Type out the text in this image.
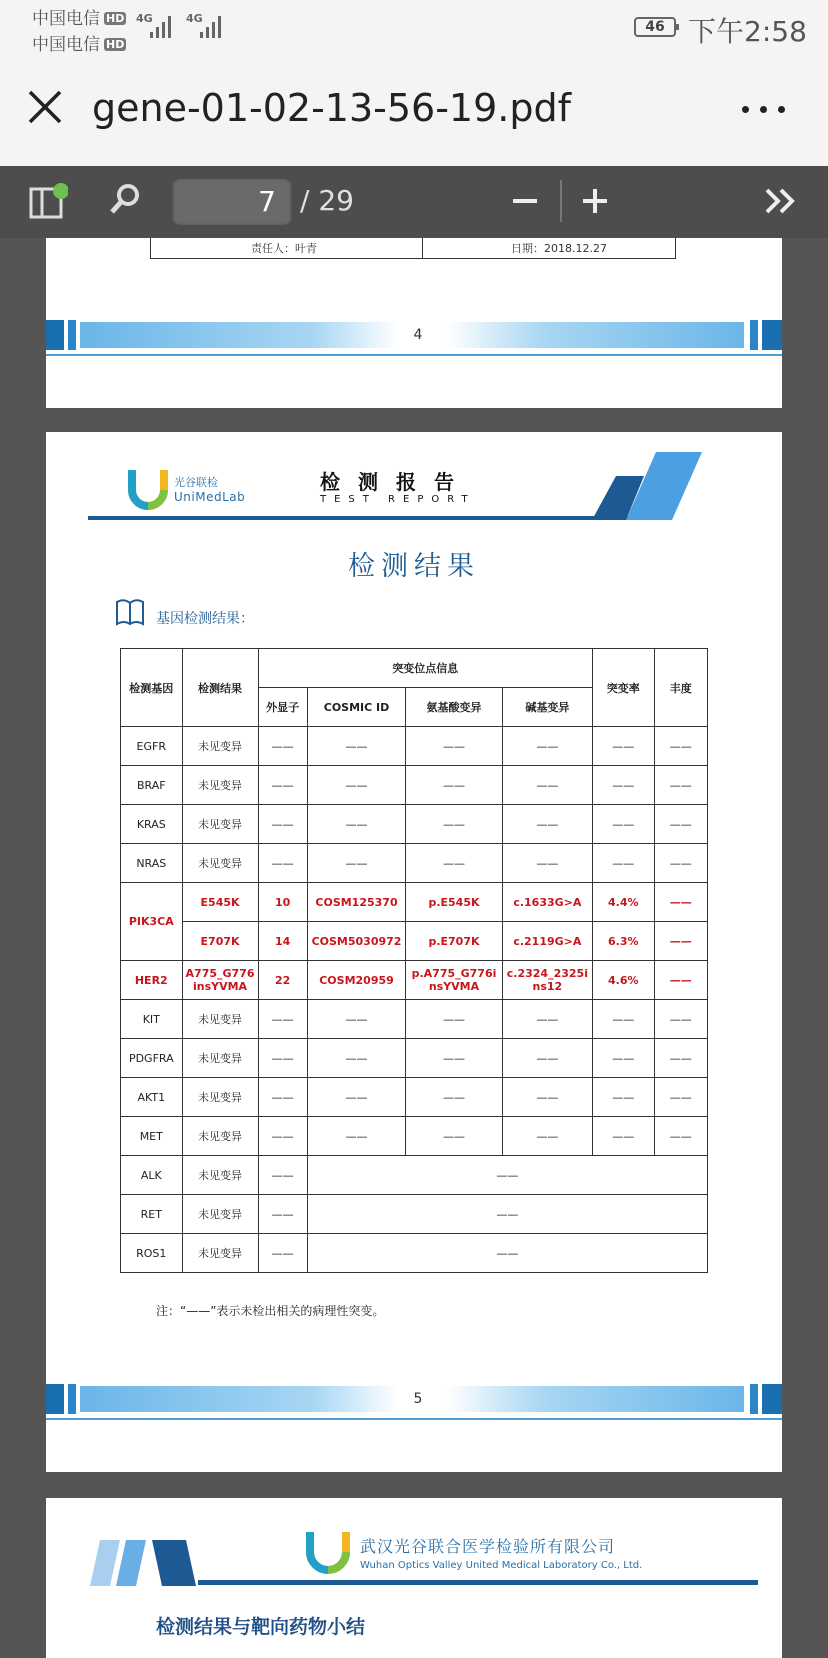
中国电信 HD
中国电信 HD
4G	4G
46 下午2:58
gene-01-02-13-56-19.pdf
7 / 29
责任人：叶青	日期：2018.12.27
4
光谷联检
UniMedLab
检测报告
TEST REPORT
检测结果
基因检测结果：
检测基因	检测结果	突变位点信息				突变率	丰度
		外显子	COSMIC ID	氨基酸变异	碱基变异		
EGFR	未见变异	——	——	——	——	——	——
BRAF	未见变异	——	——	——	——	——	——
KRAS	未见变异	——	——	——	——	——	——
NRAS	未见变异	——	——	——	——	——	——
PIK3CA	E545K	10	COSM125370	p.E545K	c.1633G>A	4.4%	——
	E707K	14	COSM5030972	p.E707K	c.2119G>A	6.3%	——
HER2	A775_G776 insYVMA	22	COSM20959	p.A775_G776i nsYVMA	c.2324_2325i ns12	4.6%	——
KIT	未见变异	——	——	——	——	——	——
PDGFRA	未见变异	——	——	——	——	——	——
AKT1	未见变异	——	——	——	——	——	——
MET	未见变异	——	——	——	——	——	——
ALK	未见变异	——	——				
RET	未见变异	——	——				
ROS1	未见变异	——	——				
注：“——”表示未检出相关的病理性突变。
5
武汉光谷联合医学检验所有限公司
Wuhan Optics Valley United Medical Laboratory Co., Ltd.
检测结果与靶向药物小结
